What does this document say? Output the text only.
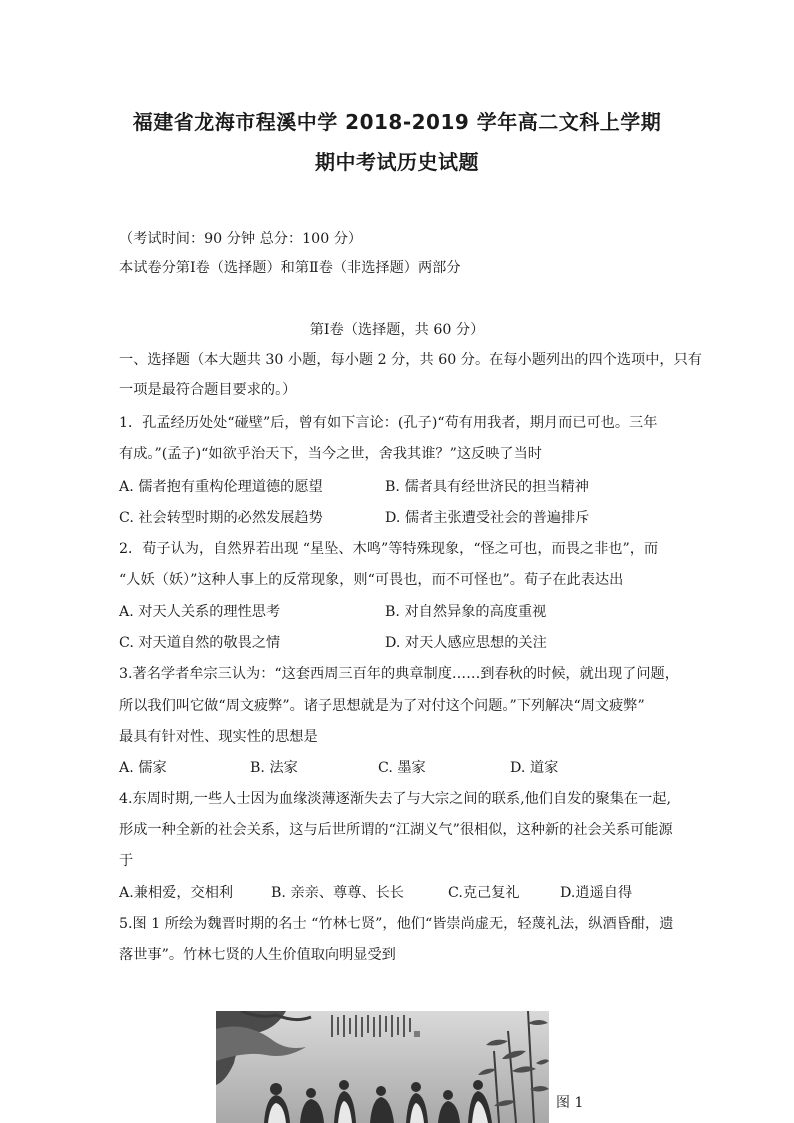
福建省龙海市程溪中学 2018-2019 学年高二文科上学期
期中考试历史试题
（考试时间：90 分钟 总分：100 分）
本试卷分第Ⅰ卷（选择题）和第Ⅱ卷（非选择题）两部分
第Ⅰ卷（选择题，共 60 分）
一、选择题（本大题共 30 小题，每小题 2 分，共 60 分。在每小题列出的四个选项中，只有
一项是最符合题目要求的。）
1．孔孟经历处处“碰壁”后，曾有如下言论：(孔子)“苟有用我者，期月而已可也。三年
有成。”(孟子)“如欲乎治天下，当今之世，舍我其谁？”这反映了当时
A. 儒者抱有重构伦理道德的愿望	B. 儒者具有经世济民的担当精神
C. 社会转型时期的必然发展趋势	D. 儒者主张遭受社会的普遍排斥
2．荀子认为，自然界若出现 “星坠、木鸣”等特殊现象，“怪之可也，而畏之非也”，而
“人妖（妖）”这种人事上的反常现象，则“可畏也，而不可怪也”。荀子在此表达出
A. 对天人关系的理性思考	B. 对自然异象的高度重视
C. 对天道自然的敬畏之情	D. 对天人感应思想的关注
3.著名学者牟宗三认为：“这套西周三百年的典章制度……到春秋的时候，就出现了问题，
所以我们叫它做“周文疲弊”。诸子思想就是为了对付这个问题。”下列解决“周文疲弊”
最具有针对性、现实性的思想是
A. 儒家	B. 法家	C. 墨家	D. 道家
4.东周时期,一些人士因为血缘淡薄逐渐失去了与大宗之间的联系,他们自发的聚集在一起,
形成一种全新的社会关系，这与后世所谓的“江湖义气”很相似，这种新的社会关系可能源
于
A.兼相爱，交相利	B. 亲亲、尊尊、长长	C.克己复礼	D.逍遥自得
5.图 1 所绘为魏晋时期的名士 “竹林七贤”，他们“皆崇尚虚无，轻蔑礼法，纵酒昏酣，遗
落世事”。竹林七贤的人生价值取向明显受到
图 1
